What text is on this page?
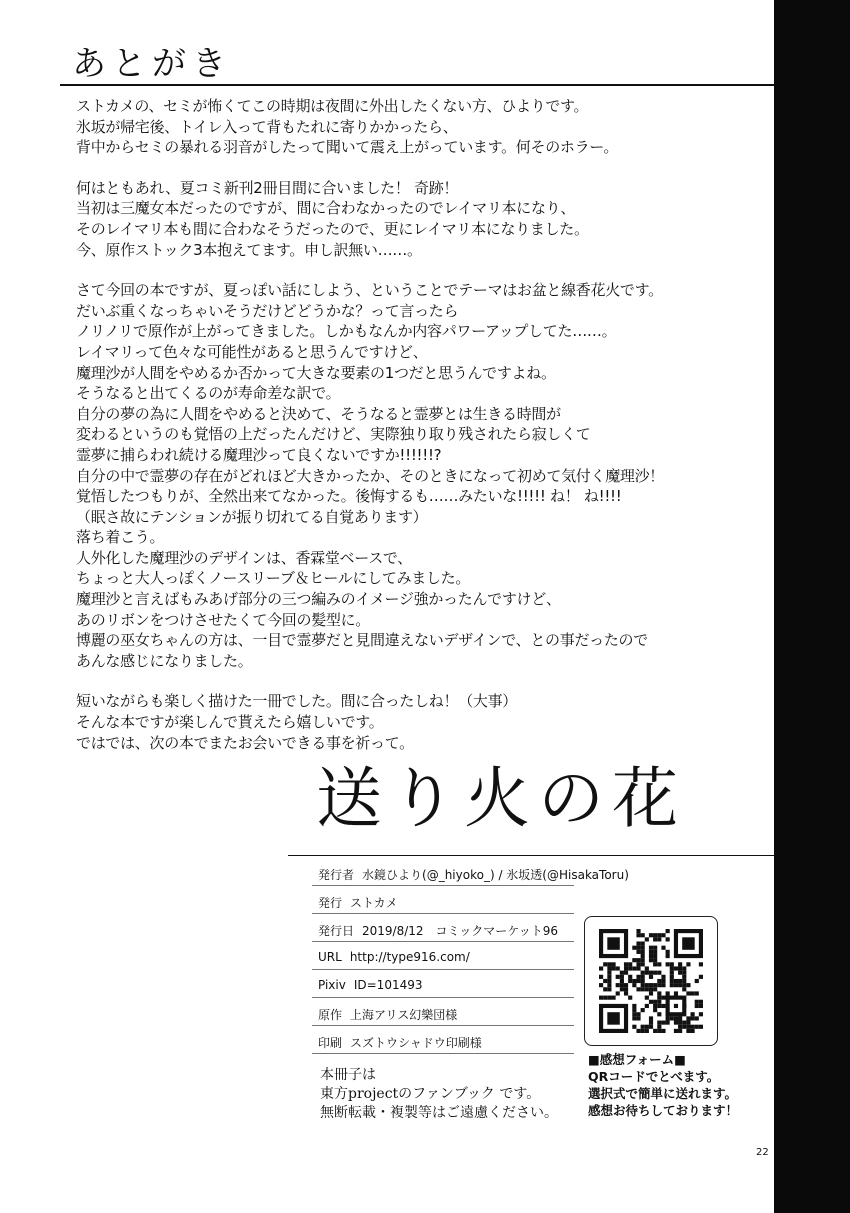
あとがき
ストカメの、セミが怖くてこの時期は夜間に外出したくない方、ひよりです。
氷坂が帰宅後、トイレ入って背もたれに寄りかかったら、
背中からセミの暴れる羽音がしたって聞いて震え上がっています。何そのホラー。
何はともあれ、夏コミ新刊2冊目間に合いました！ 奇跡！
当初は三魔女本だったのですが、間に合わなかったのでレイマリ本になり、
そのレイマリ本も間に合わなそうだったので、更にレイマリ本になりました。
今、原作ストック3本抱えてます。申し訳無い……。
さて今回の本ですが、夏っぽい話にしよう、ということでテーマはお盆と線香花火です。
だいぶ重くなっちゃいそうだけどどうかな？って言ったら
ノリノリで原作が上がってきました。しかもなんか内容パワーアップしてた……。
レイマリって色々な可能性があると思うんですけど、
魔理沙が人間をやめるか否かって大きな要素の1つだと思うんですよね。
そうなると出てくるのが寿命差な訳で。
自分の夢の為に人間をやめると決めて、そうなると霊夢とは生きる時間が
変わるというのも覚悟の上だったんだけど、実際独り取り残されたら寂しくて
霊夢に捕らわれ続ける魔理沙って良くないですか!!!!!!?
自分の中で霊夢の存在がどれほど大きかったか、そのときになって初めて気付く魔理沙！
覚悟したつもりが、全然出来てなかった。後悔するも……みたいな!!!!! ね！ ね!!!!
（眠さ故にテンションが振り切れてる自覚あります）
落ち着こう。
人外化した魔理沙のデザインは、香霖堂ベースで、
ちょっと大人っぽくノースリーブ＆ヒールにしてみました。
魔理沙と言えばもみあげ部分の三つ編みのイメージ強かったんですけど、
あのリボンをつけさせたくて今回の髪型に。
博麗の巫女ちゃんの方は、一目で霊夢だと見間違えないデザインで、との事だったので
あんな感じになりました。
短いながらも楽しく描けた一冊でした。間に合ったしね！（大事）
そんな本ですが楽しんで貰えたら嬉しいです。
ではでは、次の本でまたお会いできる事を祈って。
送り火の花
発行者 水鏡ひより(@_hiyoko_) / 氷坂透(@HisakaToru)
発行 ストカメ
発行日 2019/8/12　コミックマーケット96
URL http://type916.com/
Pixiv ID=101493
原作 上海アリス幻樂団様
印刷 スズトウシャドウ印刷様
本冊子は
東方projectのファンブック です。
無断転載・複製等はご遠慮ください。
■感想フォーム■
QRコードでとべます。
選択式で簡単に送れます。
感想お待ちしております！
22
